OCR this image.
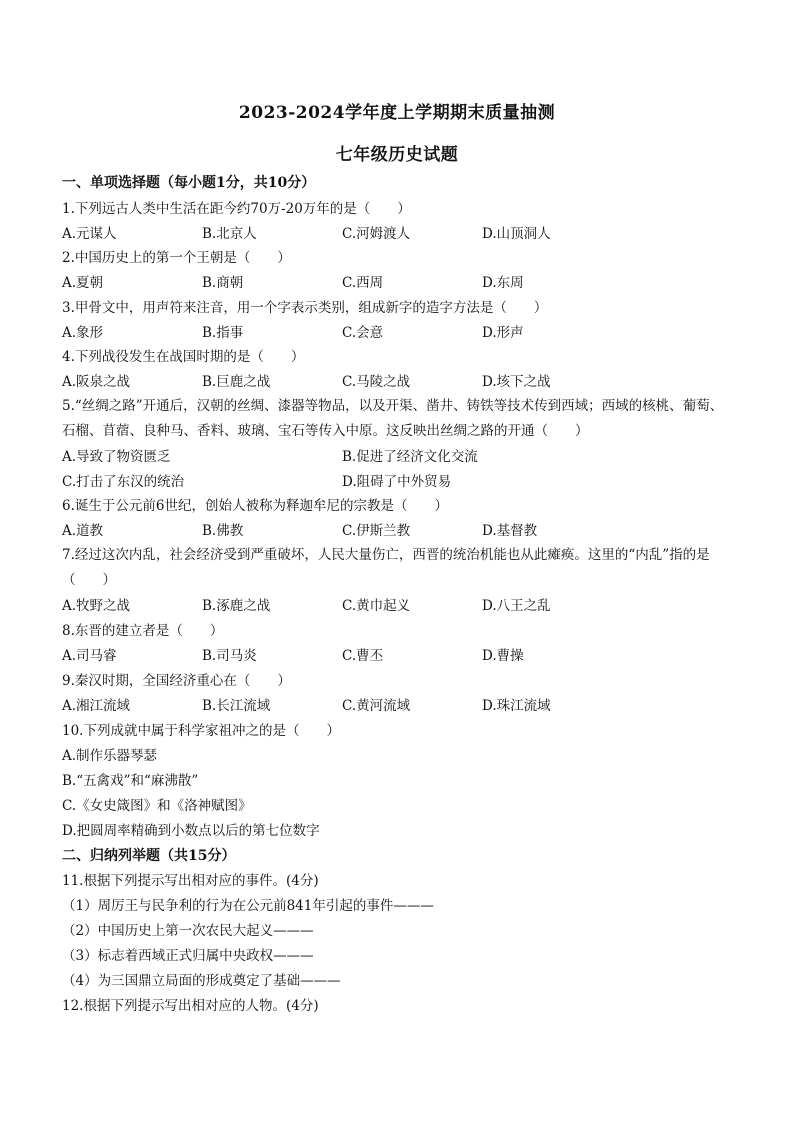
2023-2024学年度上学期期末质量抽测
七年级历史试题
一、单项选择题（每小题1分，共10分）
1.下列远古人类中生活在距今约70万-20万年的是（　　）
A.元谋人	B.北京人	C.河姆渡人	D.山顶洞人
2.中国历史上的第一个王朝是（　　）
A.夏朝	B.商朝	C.西周	D.东周
3.甲骨文中，用声符来注音，用一个字表示类别，组成新字的造字方法是（　　）
A.象形	B.指事	C.会意	D.形声
4.下列战役发生在战国时期的是（　　）
A.阪泉之战	B.巨鹿之战	C.马陵之战	D.垓下之战
5.“丝绸之路”开通后，汉朝的丝绸、漆器等物品，以及开渠、凿井、铸铁等技术传到西域；西域的核桃、葡萄、石榴、苜蓿、良种马、香料、玻璃、宝石等传入中原。这反映出丝绸之路的开通（　　）
A.导致了物资匮乏	B.促进了经济文化交流
C.打击了东汉的统治	D.阻碍了中外贸易
6.诞生于公元前6世纪，创始人被称为释迦牟尼的宗教是（　　）
A.道教	B.佛教	C.伊斯兰教	D.基督教
7.经过这次内乱，社会经济受到严重破坏，人民大量伤亡，西晋的统治机能也从此瘫痪。这里的“内乱”指的是（　　）
A.牧野之战	B.涿鹿之战	C.黄巾起义	D.八王之乱
8.东晋的建立者是（　　）
A.司马睿	B.司马炎	C.曹丕	D.曹操
9.秦汉时期，全国经济重心在（　　）
A.湘江流域	B.长江流域	C.黄河流域	D.珠江流域
10.下列成就中属于科学家祖冲之的是（　　）
A.制作乐器琴瑟
B.“五禽戏”和“麻沸散”
C.《女史箴图》和《洛神赋图》
D.把圆周率精确到小数点以后的第七位数字
二、归纳列举题（共15分）
11.根据下列提示写出相对应的事件。(4分)
（1）周厉王与民争利的行为在公元前841年引起的事件———
（2）中国历史上第一次农民大起义———
（3）标志着西域正式归属中央政权———
（4）为三国鼎立局面的形成奠定了基础———
12.根据下列提示写出相对应的人物。(4分)
